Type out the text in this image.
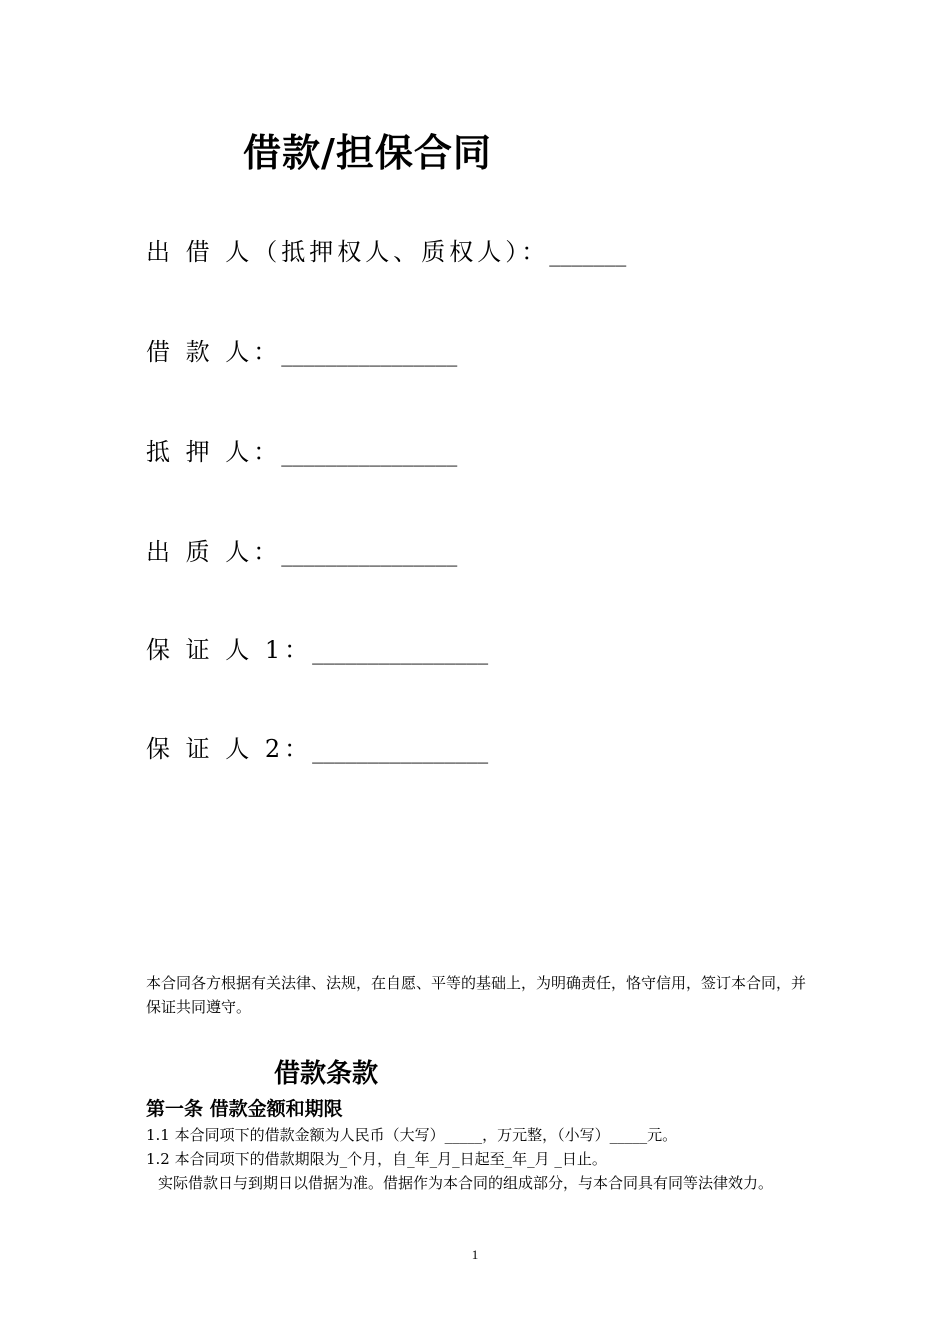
借款/担保合同
出 借 人（抵押权人、质权人）： _______
借 款 人： ________________
抵 押 人： ________________
出 质 人： ________________
保 证 人 1： ________________
保 证 人 2： ________________

本合同各方根据有关法律、法规，在自愿、平等的基础上，为明确责任，恪守信用，签订本合同，并保证共同遵守。

借款条款
第一条 借款金额和期限

1.1 本合同项下的借款金额为人民币（大写）_____，万元整，（小写）_____元。

1.2 本合同项下的借款期限为_个月，自_年_月_日起至_年_月 _日止。

实际借款日与到期日以借据为准。借据作为本合同的组成部分，与本合同具有同等法律效力。

1
